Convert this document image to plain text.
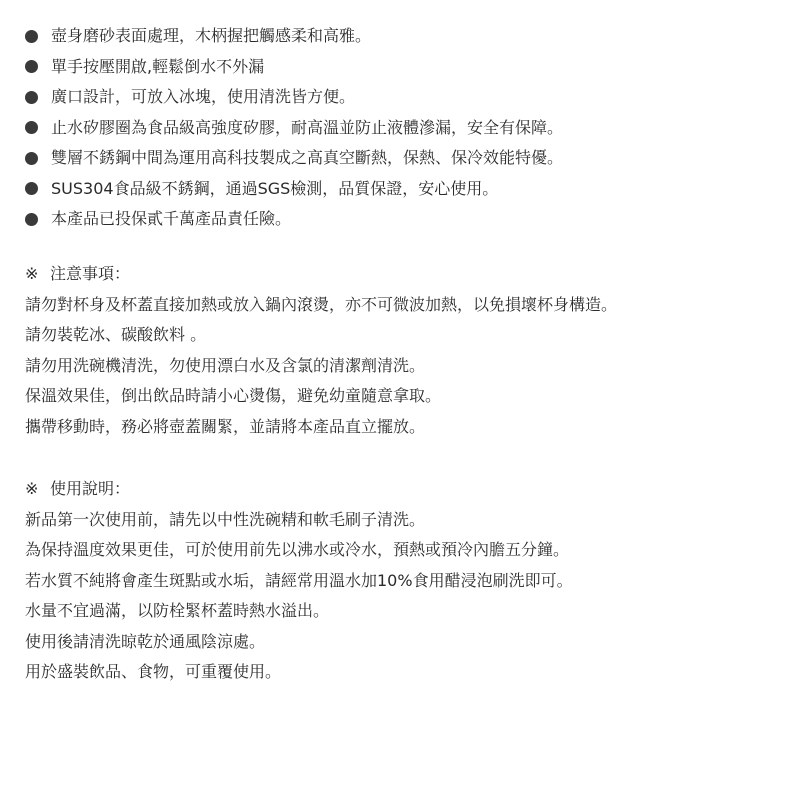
壺身磨砂表面處理，木柄握把觸感柔和高雅。
單手按壓開啟,輕鬆倒水不外漏
廣口設計，可放入冰塊，使用清洗皆方便。
止水矽膠圈為食品級高強度矽膠，耐高溫並防止液體滲漏，安全有保障。
雙層不銹鋼中間為運用高科技製成之高真空斷熱，保熱、保冷效能特優。
SUS304食品級不銹鋼，通過SGS檢測，品質保證，安心使用。
本產品已投保貳千萬產品責任險。
※ 注意事項：
請勿對杯身及杯蓋直接加熱或放入鍋內滾燙，亦不可微波加熱，以免損壞杯身構造。
請勿裝乾冰、碳酸飲料 。
請勿用洗碗機清洗，勿使用漂白水及含氯的清潔劑清洗。
保溫效果佳，倒出飲品時請小心燙傷，避免幼童隨意拿取。
攜帶移動時，務必將壺蓋關緊，並請將本產品直立擺放。
※ 使用說明：
新品第一次使用前，請先以中性洗碗精和軟毛刷子清洗。
為保持溫度效果更佳，可於使用前先以沸水或冷水，預熱或預冷內膽五分鐘。
若水質不純將會產生斑點或水垢，請經常用溫水加10%食用醋浸泡刷洗即可。
水量不宜過滿，以防栓緊杯蓋時熱水溢出。
使用後請清洗晾乾於通風陰涼處。
用於盛裝飲品、食物，可重覆使用。
